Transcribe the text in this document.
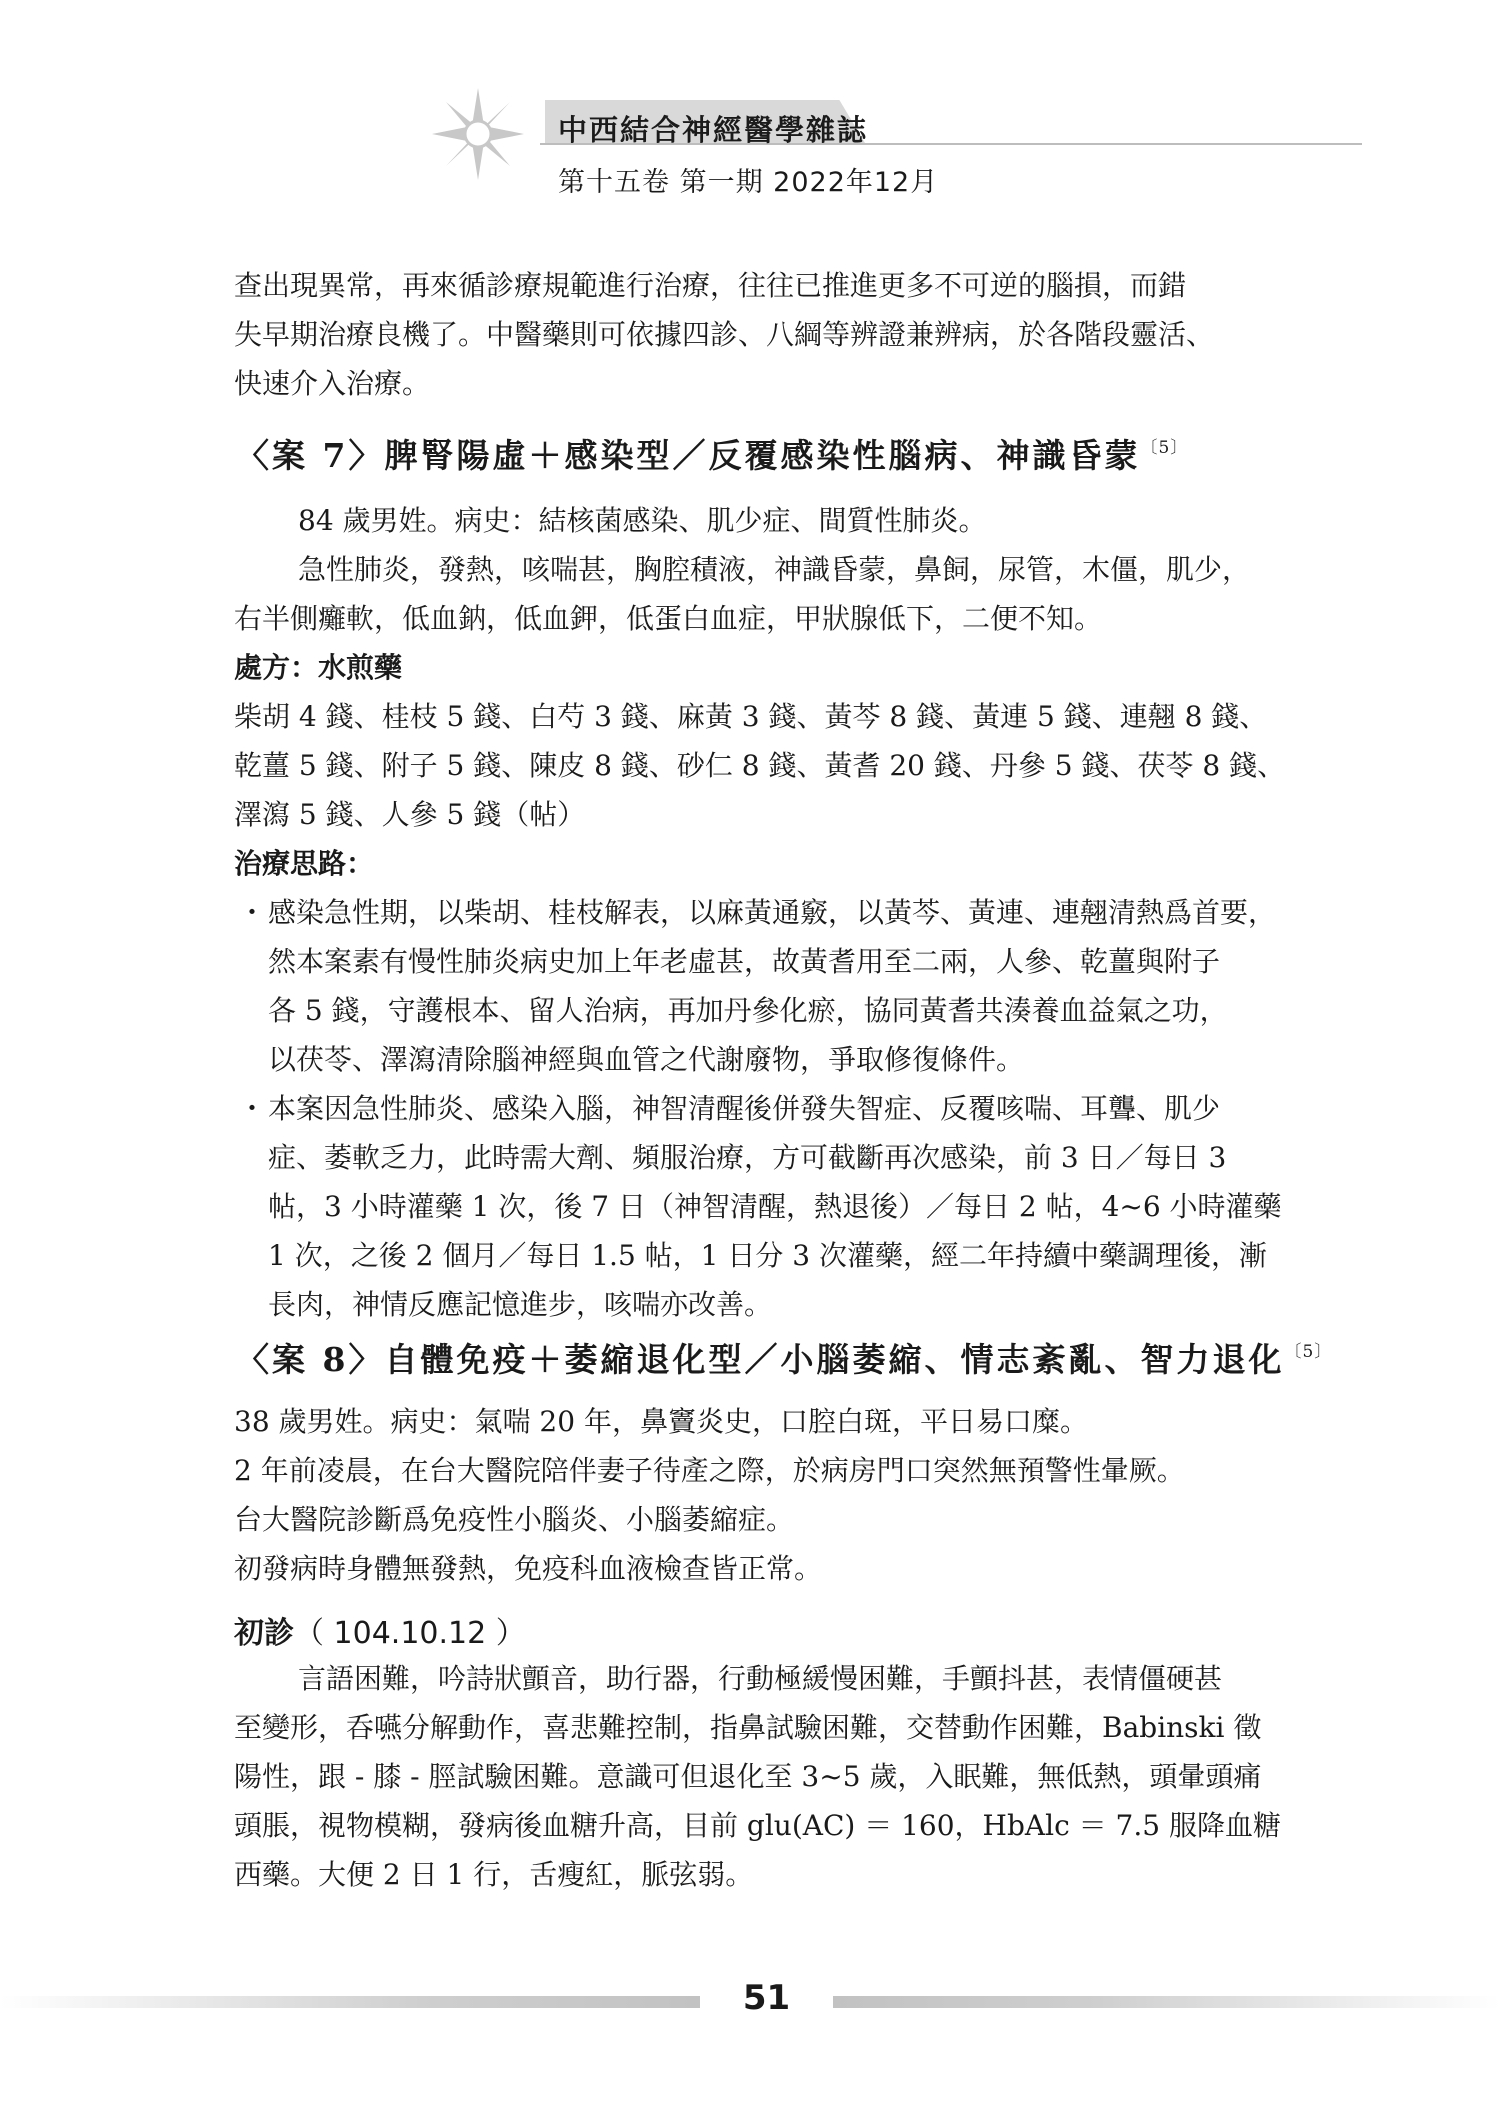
中西結合神經醫學雜誌
第十五卷 第一期 2022年12月

查出現異常，再來循診療規範進行治療，往往已推進更多不可逆的腦損，而錯

失早期治療良機了。中醫藥則可依據四診、八綱等辨證兼辨病，於各階段靈活、

快速介入治療。

〈案 7〉脾腎陽虛＋感染型／反覆感染性腦病、神識昏蒙$^{〔5〕}$

84 歲男姓。病史：結核菌感染、肌少症、間質性肺炎。

急性肺炎，發熱，咳喘甚，胸腔積液，神識昏蒙，鼻飼，尿管，木僵，肌少，

右半側癱軟，低血鈉，低血鉀，低蛋白血症，甲狀腺低下，二便不知。

處方：水煎藥

柴胡 4 錢、桂枝 5 錢、白芍 3 錢、麻黃 3 錢、黃芩 8 錢、黃連 5 錢、連翹 8 錢、

乾薑 5 錢、附子 5 錢、陳皮 8 錢、砂仁 8 錢、黃耆 20 錢、丹參 5 錢、茯苓 8 錢、

澤瀉 5 錢、人參 5 錢（帖）

治療思路：

・ 感染急性期，以柴胡、桂枝解表，以麻黃通竅，以黃芩、黃連、連翹清熱爲首要，

然本案素有慢性肺炎病史加上年老虛甚，故黃耆用至二兩，人參、乾薑與附子

各 5 錢，守護根本、留人治病，再加丹參化瘀，協同黃耆共湊養血益氣之功，

以茯苓、澤瀉清除腦神經與血管之代謝廢物，爭取修復條件。

・ 本案因急性肺炎、感染入腦，神智清醒後併發失智症、反覆咳喘、耳聾、肌少

症、萎軟乏力，此時需大劑、頻服治療，方可截斷再次感染，前 3 日／每日 3

帖，3 小時灌藥 1 次，後 7 日（神智清醒，熱退後）／每日 2 帖，4~6 小時灌藥

1 次，之後 2 個月／每日 1.5 帖，1 日分 3 次灌藥，經二年持續中藥調理後，漸

長肉，神情反應記憶進步，咳喘亦改善。

〈案 8〉自體免疫＋萎縮退化型／小腦萎縮、情志紊亂、智力退化$^{〔5〕}$

38 歲男姓。病史：氣喘 20 年，鼻竇炎史，口腔白斑，平日易口糜。

2 年前凌晨，在台大醫院陪伴妻子待產之際，於病房門口突然無預警性暈厥。

台大醫院診斷爲免疫性小腦炎、小腦萎縮症。

初發病時身體無發熱，免疫科血液檢查皆正常。

初診（ 104.10.12 ）

言語困難，吟詩狀顫音，助行器，行動極緩慢困難，手顫抖甚，表情僵硬甚

至變形，呑嚥分解動作，喜悲難控制，指鼻試驗困難，交替動作困難，Babinski 徵

陽性，跟 - 膝 - 脛試驗困難。意識可但退化至 3~5 歲，入眠難，無低熱，頭暈頭痛

頭脹，視物模糊，發病後血糖升高，目前 glu(AC) ＝ 160，HbAlc ＝ 7.5 服降血糖

西藥。大便 2 日 1 行，舌瘦紅，脈弦弱。

51
